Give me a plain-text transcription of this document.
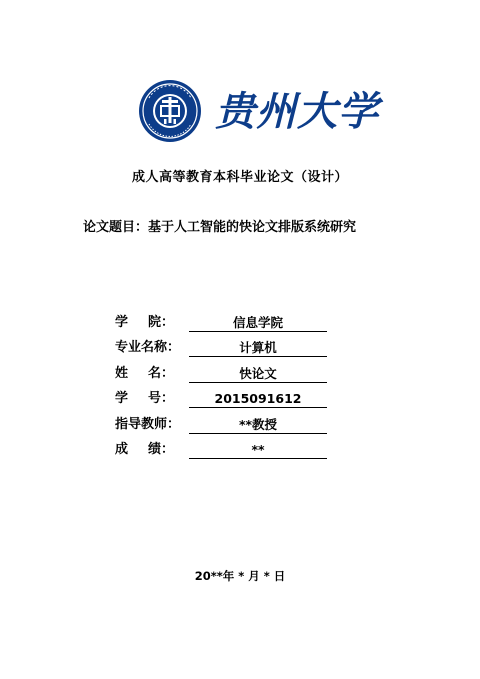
贵州大学
成人高等教育本科毕业论文（设计）
论文题目：基于人工智能的快论文排版系统研究
学 院：	信息学院
专业名称：	计算机
姓 名：	快论文
学 号：	2015091612
指导教师：	**教授
成 绩：	**
20**年 * 月 * 日
